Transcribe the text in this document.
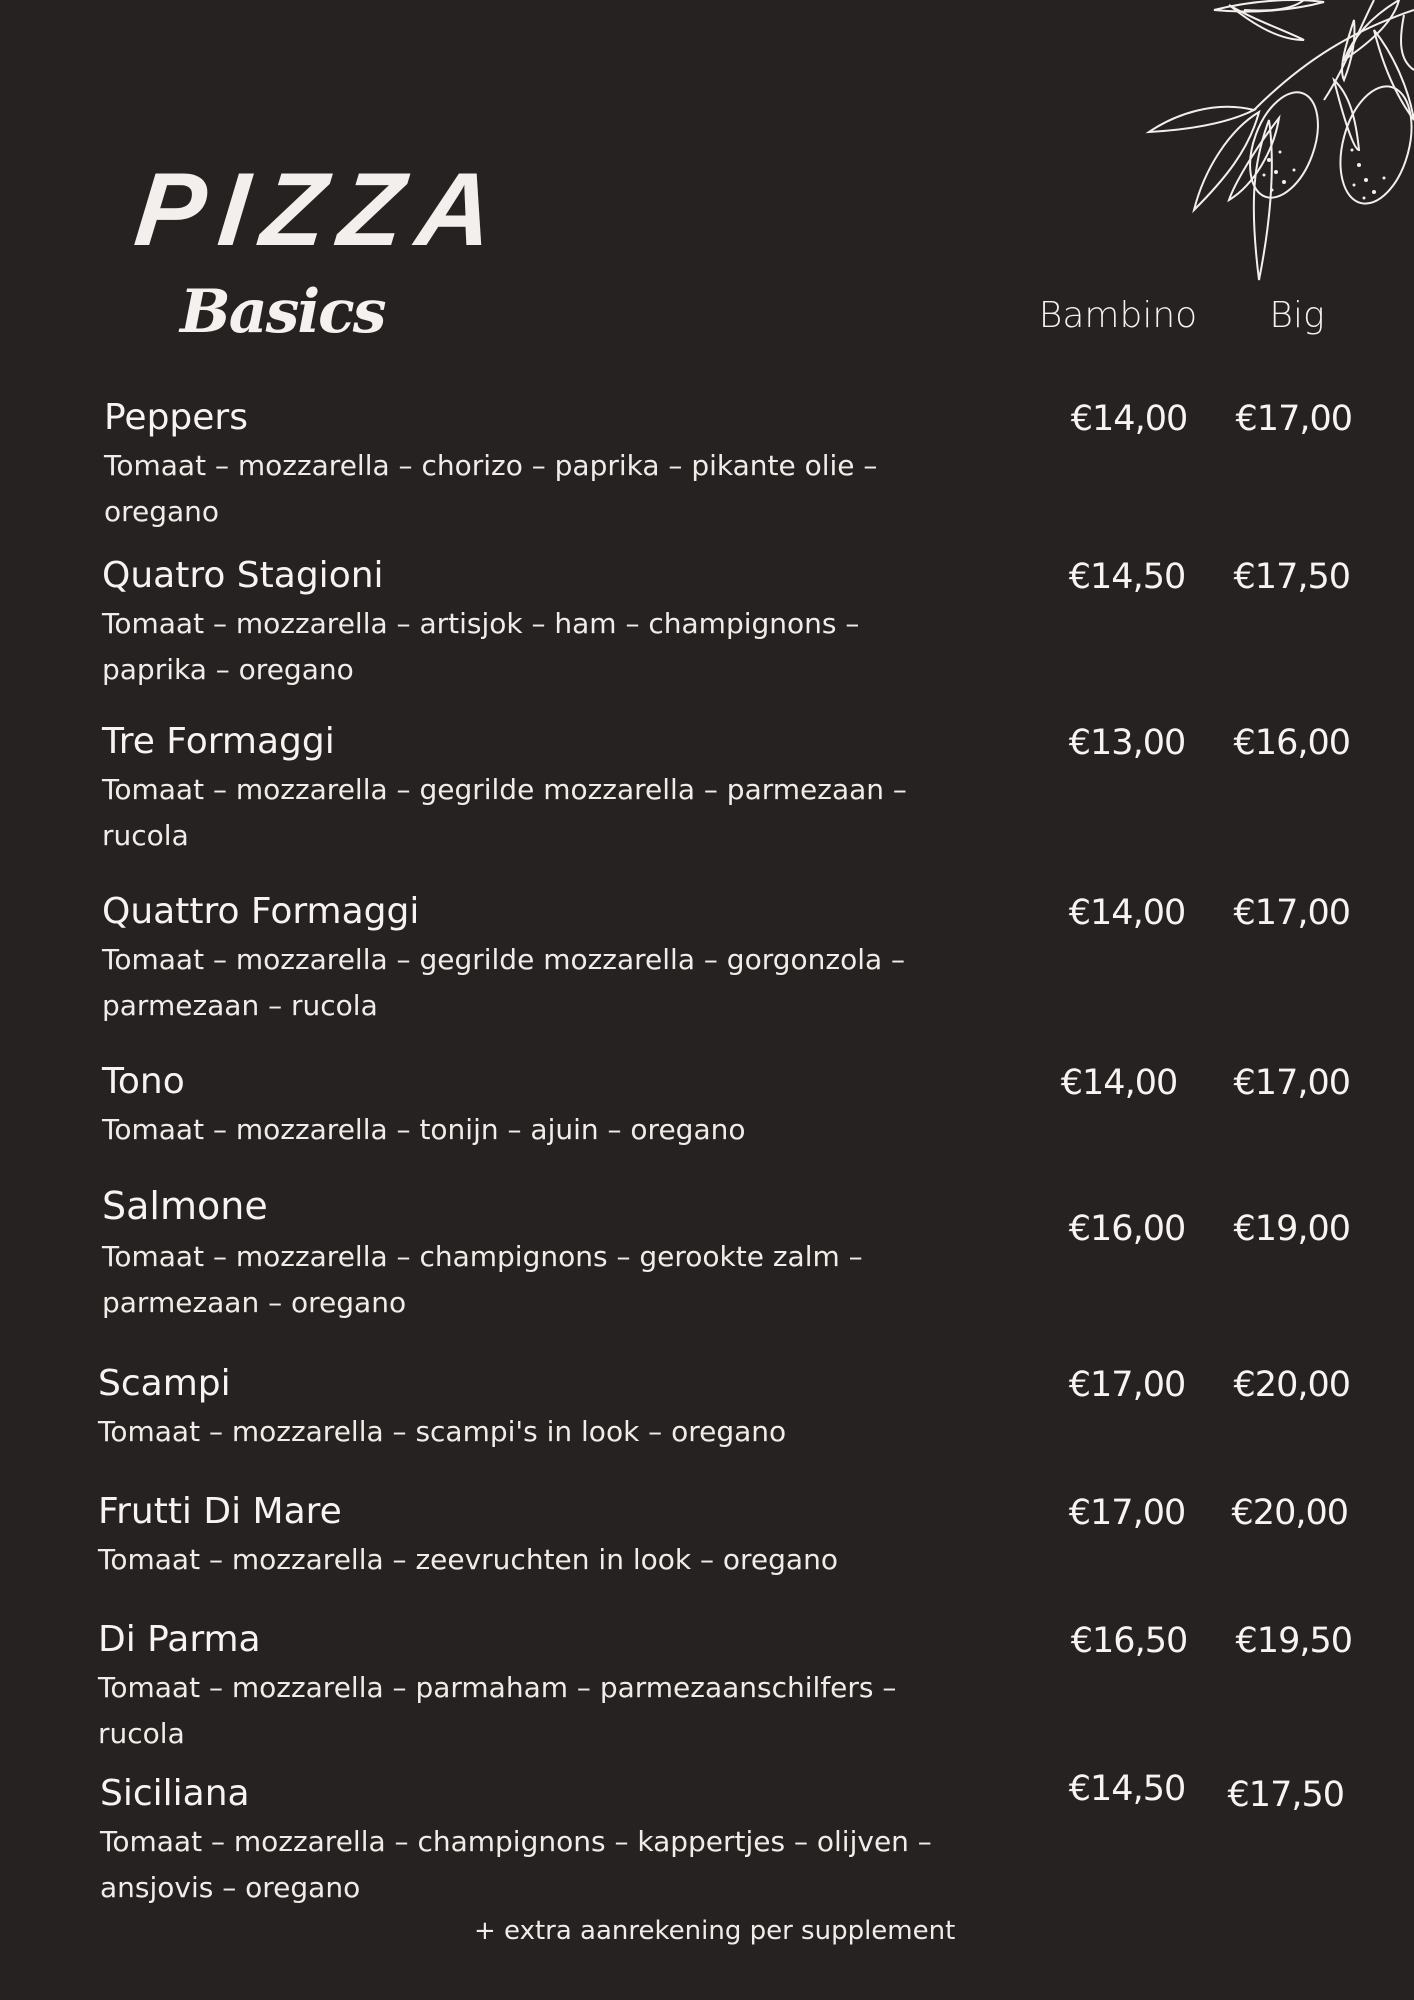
PIZZA
Basics	Bambino Big
Peppers
Tomaat – mozzarella – chorizo – paprika – pikante olie – oregano
€14,00	€17,00
Quatro Stagioni
Tomaat – mozzarella – artisjok – ham – champignons – paprika – oregano
€14,50	€17,50
Tre Formaggi
Tomaat – mozzarella – gegrilde mozzarella – parmezaan – rucola
€13,00	€16,00
Quattro Formaggi
Tomaat – mozzarella – gegrilde mozzarella – gorgonzola – parmezaan – rucola
€14,00	€17,00
Tono
Tomaat – mozzarella – tonijn – ajuin – oregano
€14,00	€17,00
Salmone
Tomaat – mozzarella – champignons – gerookte zalm – parmezaan – oregano
€16,00	€19,00
Scampi
Tomaat – mozzarella – scampi's in look – oregano
€17,00	€20,00
Frutti Di Mare
Tomaat – mozzarella – zeevruchten in look – oregano
€17,00	€20,00
Di Parma
Tomaat – mozzarella – parmaham – parmezaanschilfers – rucola
€16,50	€19,50
Siciliana
Tomaat – mozzarella – champignons – kappertjes – olijven – ansjovis – oregano
€14,50	€17,50
+ extra aanrekening per supplement
